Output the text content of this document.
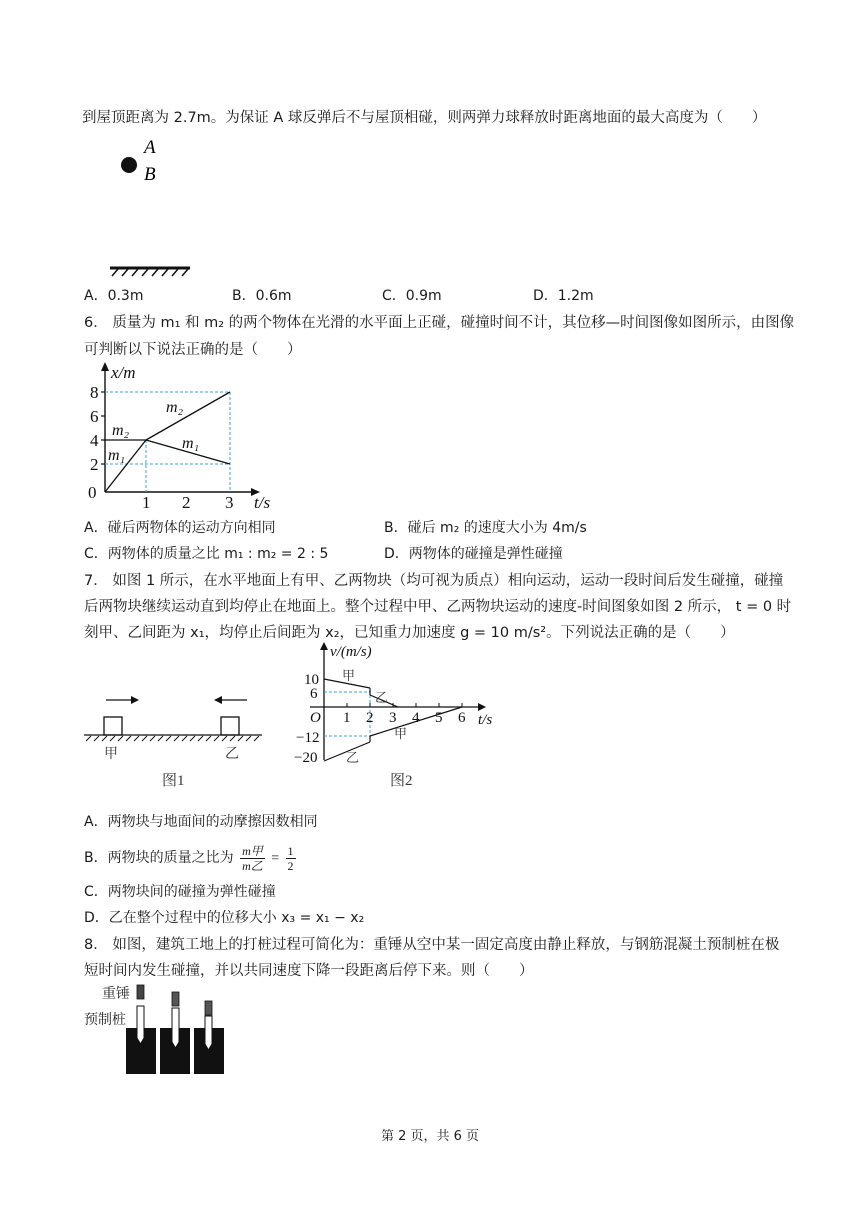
到屋顶距离为 2.7m。为保证 A 球反弹后不与屋顶相碰，则两弹力球释放时距离地面的最大高度为（　　）
A
B
A．0.3m	B．0.6m	C．0.9m	D．1.2m
6． 质量为 m₁ 和 m₂ 的两个物体在光滑的水平面上正碰，碰撞时间不计，其位移—时间图像如图所示，由图像
可判断以下说法正确的是（　　）
8
6
4
2
0
1 2 3
x/m
t/s
m₂
m₁
m₂
m₁
A．碰后两物体的运动方向相同	B．碰后 m₂ 的速度大小为 4m/s
C．两物体的质量之比 m₁ : m₂ = 2 : 5	D．两物体的碰撞是弹性碰撞
7． 如图 1 所示，在水平地面上有甲、乙两物块（均可视为质点）相向运动，运动一段时间后发生碰撞，碰撞
后两物块继续运动直到均停止在地面上。整个过程中甲、乙两物块运动的速度-时间图象如图 2 所示， t = 0 时
刻甲、乙间距为 x₁，均停止后间距为 x₂，已知重力加速度 g = 10 m/s²。下列说法正确的是（　　）
甲	乙
图1
v/(m/s)
t/s
O
10
6
−12
−20
1 2 3 4 5 6
甲
乙
甲
乙
图2
A．两物块与地面间的动摩擦因数相同
B．两物块的质量之比为 $\frac{\text{m甲}}{\text{m乙}} = \frac{1}{2}$
C．两物块间的碰撞为弹性碰撞
D．乙在整个过程中的位移大小 x₃ = x₁ − x₂
8． 如图，建筑工地上的打桩过程可简化为：重锤从空中某一固定高度由静止释放，与钢筋混凝土预制桩在极
短时间内发生碰撞，并以共同速度下降一段距离后停下来。则（　　）
重锤
预制桩
第 2 页，共 6 页
